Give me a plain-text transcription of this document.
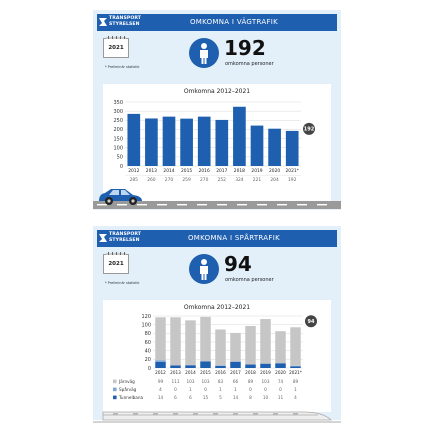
TRANSPORT
STYRELSEN	OMKOMNA I VÄGTRAFIK
2021
* Preliminär statistik
192
omkomna personer
Omkomna 2012–2021
0
50
100
150
200
250
300
350
2012
285
2013
260
2014
270
2015
259
2016
270
2017
252
2018
324
2019
221
2020
204
2021*
192
192
TRANSPORT
STYRELSEN	OMKOMNA I SPÅRTRAFIK
2021
* Preliminär statistik
94
omkomna personer
Omkomna 2012–2021
0
20
40
60
80
100
120
2012 2013 2014 2015 2016 2017 2018 2019 2020 2021*
Järnväg	99 111 103 103 83 66 89 103 74 89
Spårväg	4	0	1	0	1	1	0	0	0	1
Tunnelbana	14	6	6	15	5	14	8	10 11	4
94
